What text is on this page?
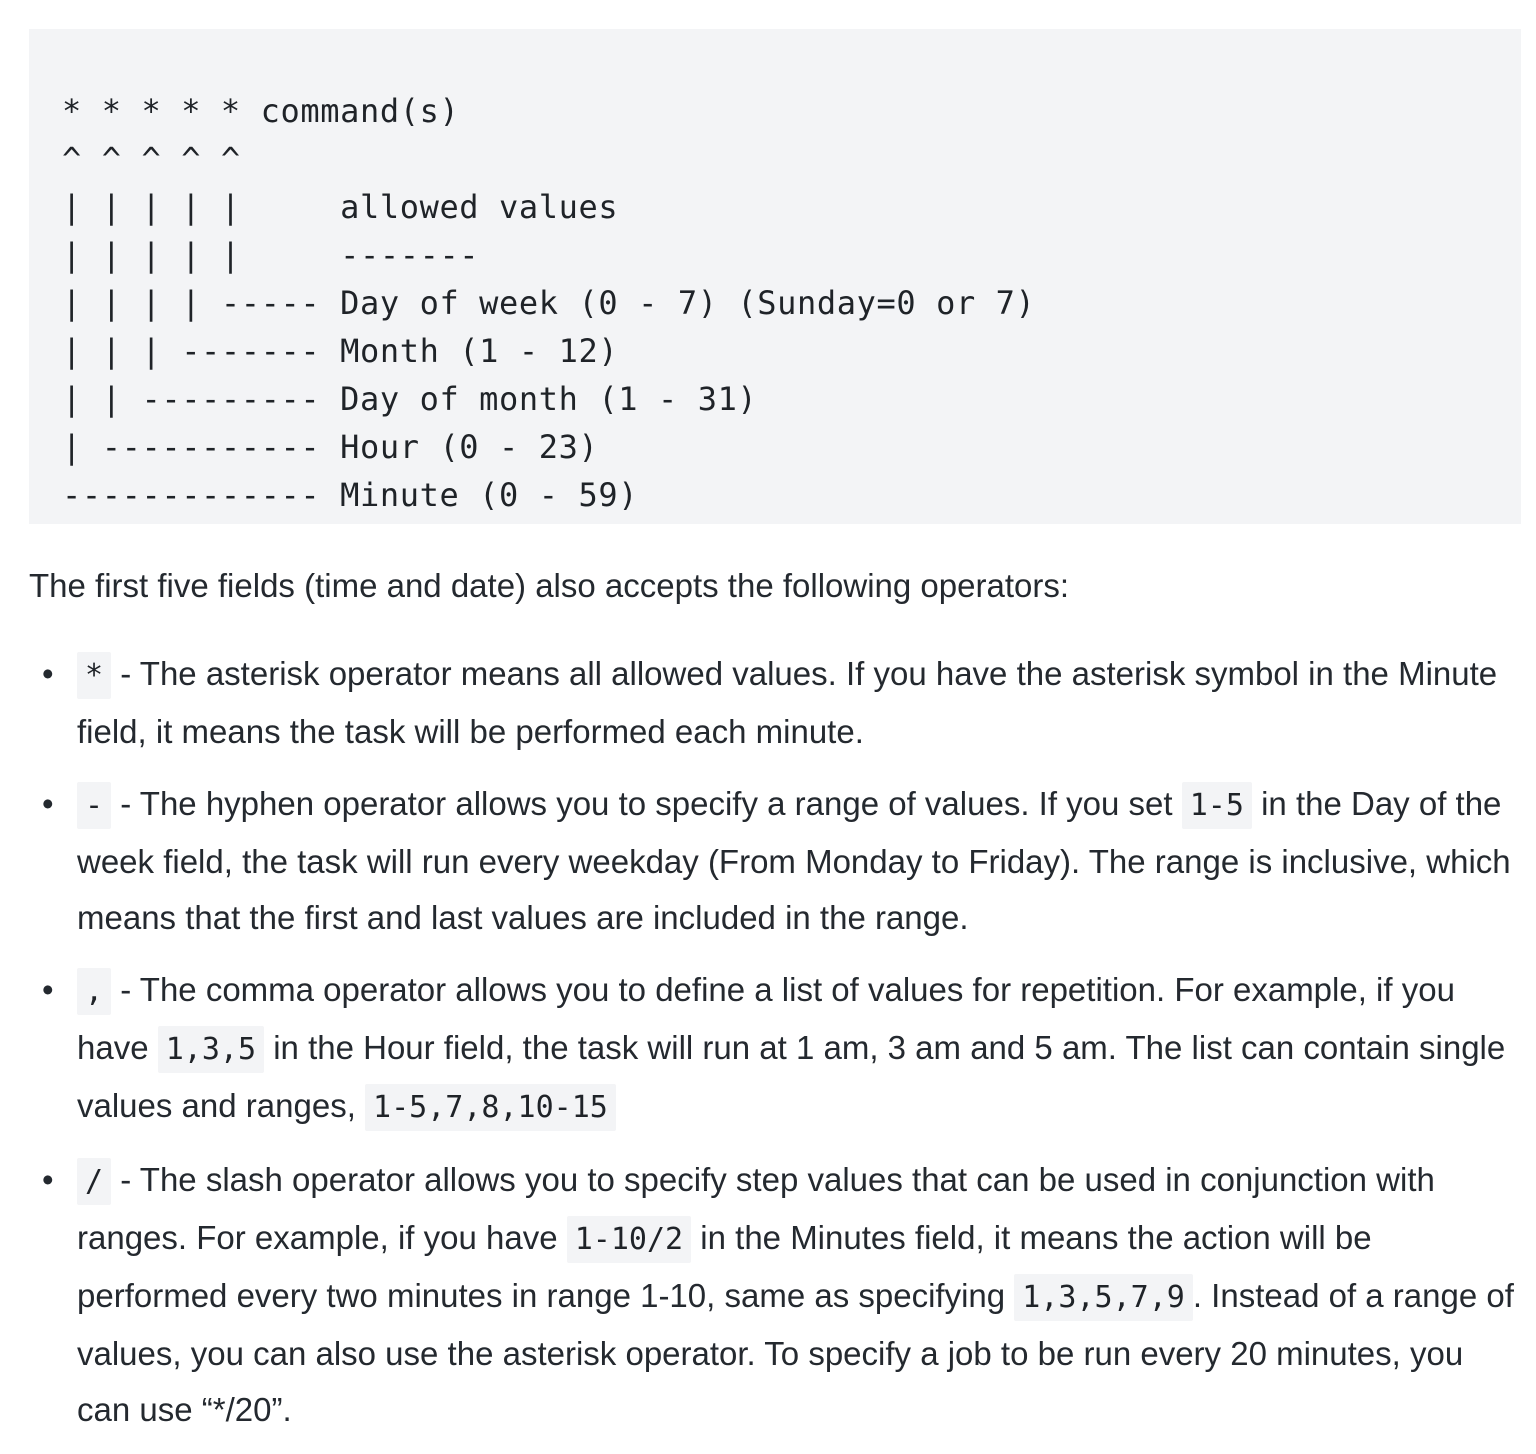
* * * * * command(s)
^ ^ ^ ^ ^
| | | | |     allowed values
| | | | |     -------
| | | | ----- Day of week (0 - 7) (Sunday=0 or 7)
| | | ------- Month (1 - 12)
| | --------- Day of month (1 - 31)
| ----------- Hour (0 - 23)
------------- Minute (0 - 59)

The first five fields (time and date) also accepts the following operators:

• * - The asterisk operator means all allowed values. If you have the asterisk symbol in the Minute field, it means the task will be performed each minute.
• - - The hyphen operator allows you to specify a range of values. If you set 1-5 in the Day of the week field, the task will run every weekday (From Monday to Friday). The range is inclusive, which means that the first and last values are included in the range.
• , - The comma operator allows you to define a list of values for repetition. For example, if you have 1,3,5 in the Hour field, the task will run at 1 am, 3 am and 5 am. The list can contain single values and ranges, 1-5,7,8,10-15
• / - The slash operator allows you to specify step values that can be used in conjunction with ranges. For example, if you have 1-10/2 in the Minutes field, it means the action will be performed every two minutes in range 1-10, same as specifying 1,3,5,7,9 . Instead of a range of values, you can also use the asterisk operator. To specify a job to be run every 20 minutes, you can use “*/20”.
